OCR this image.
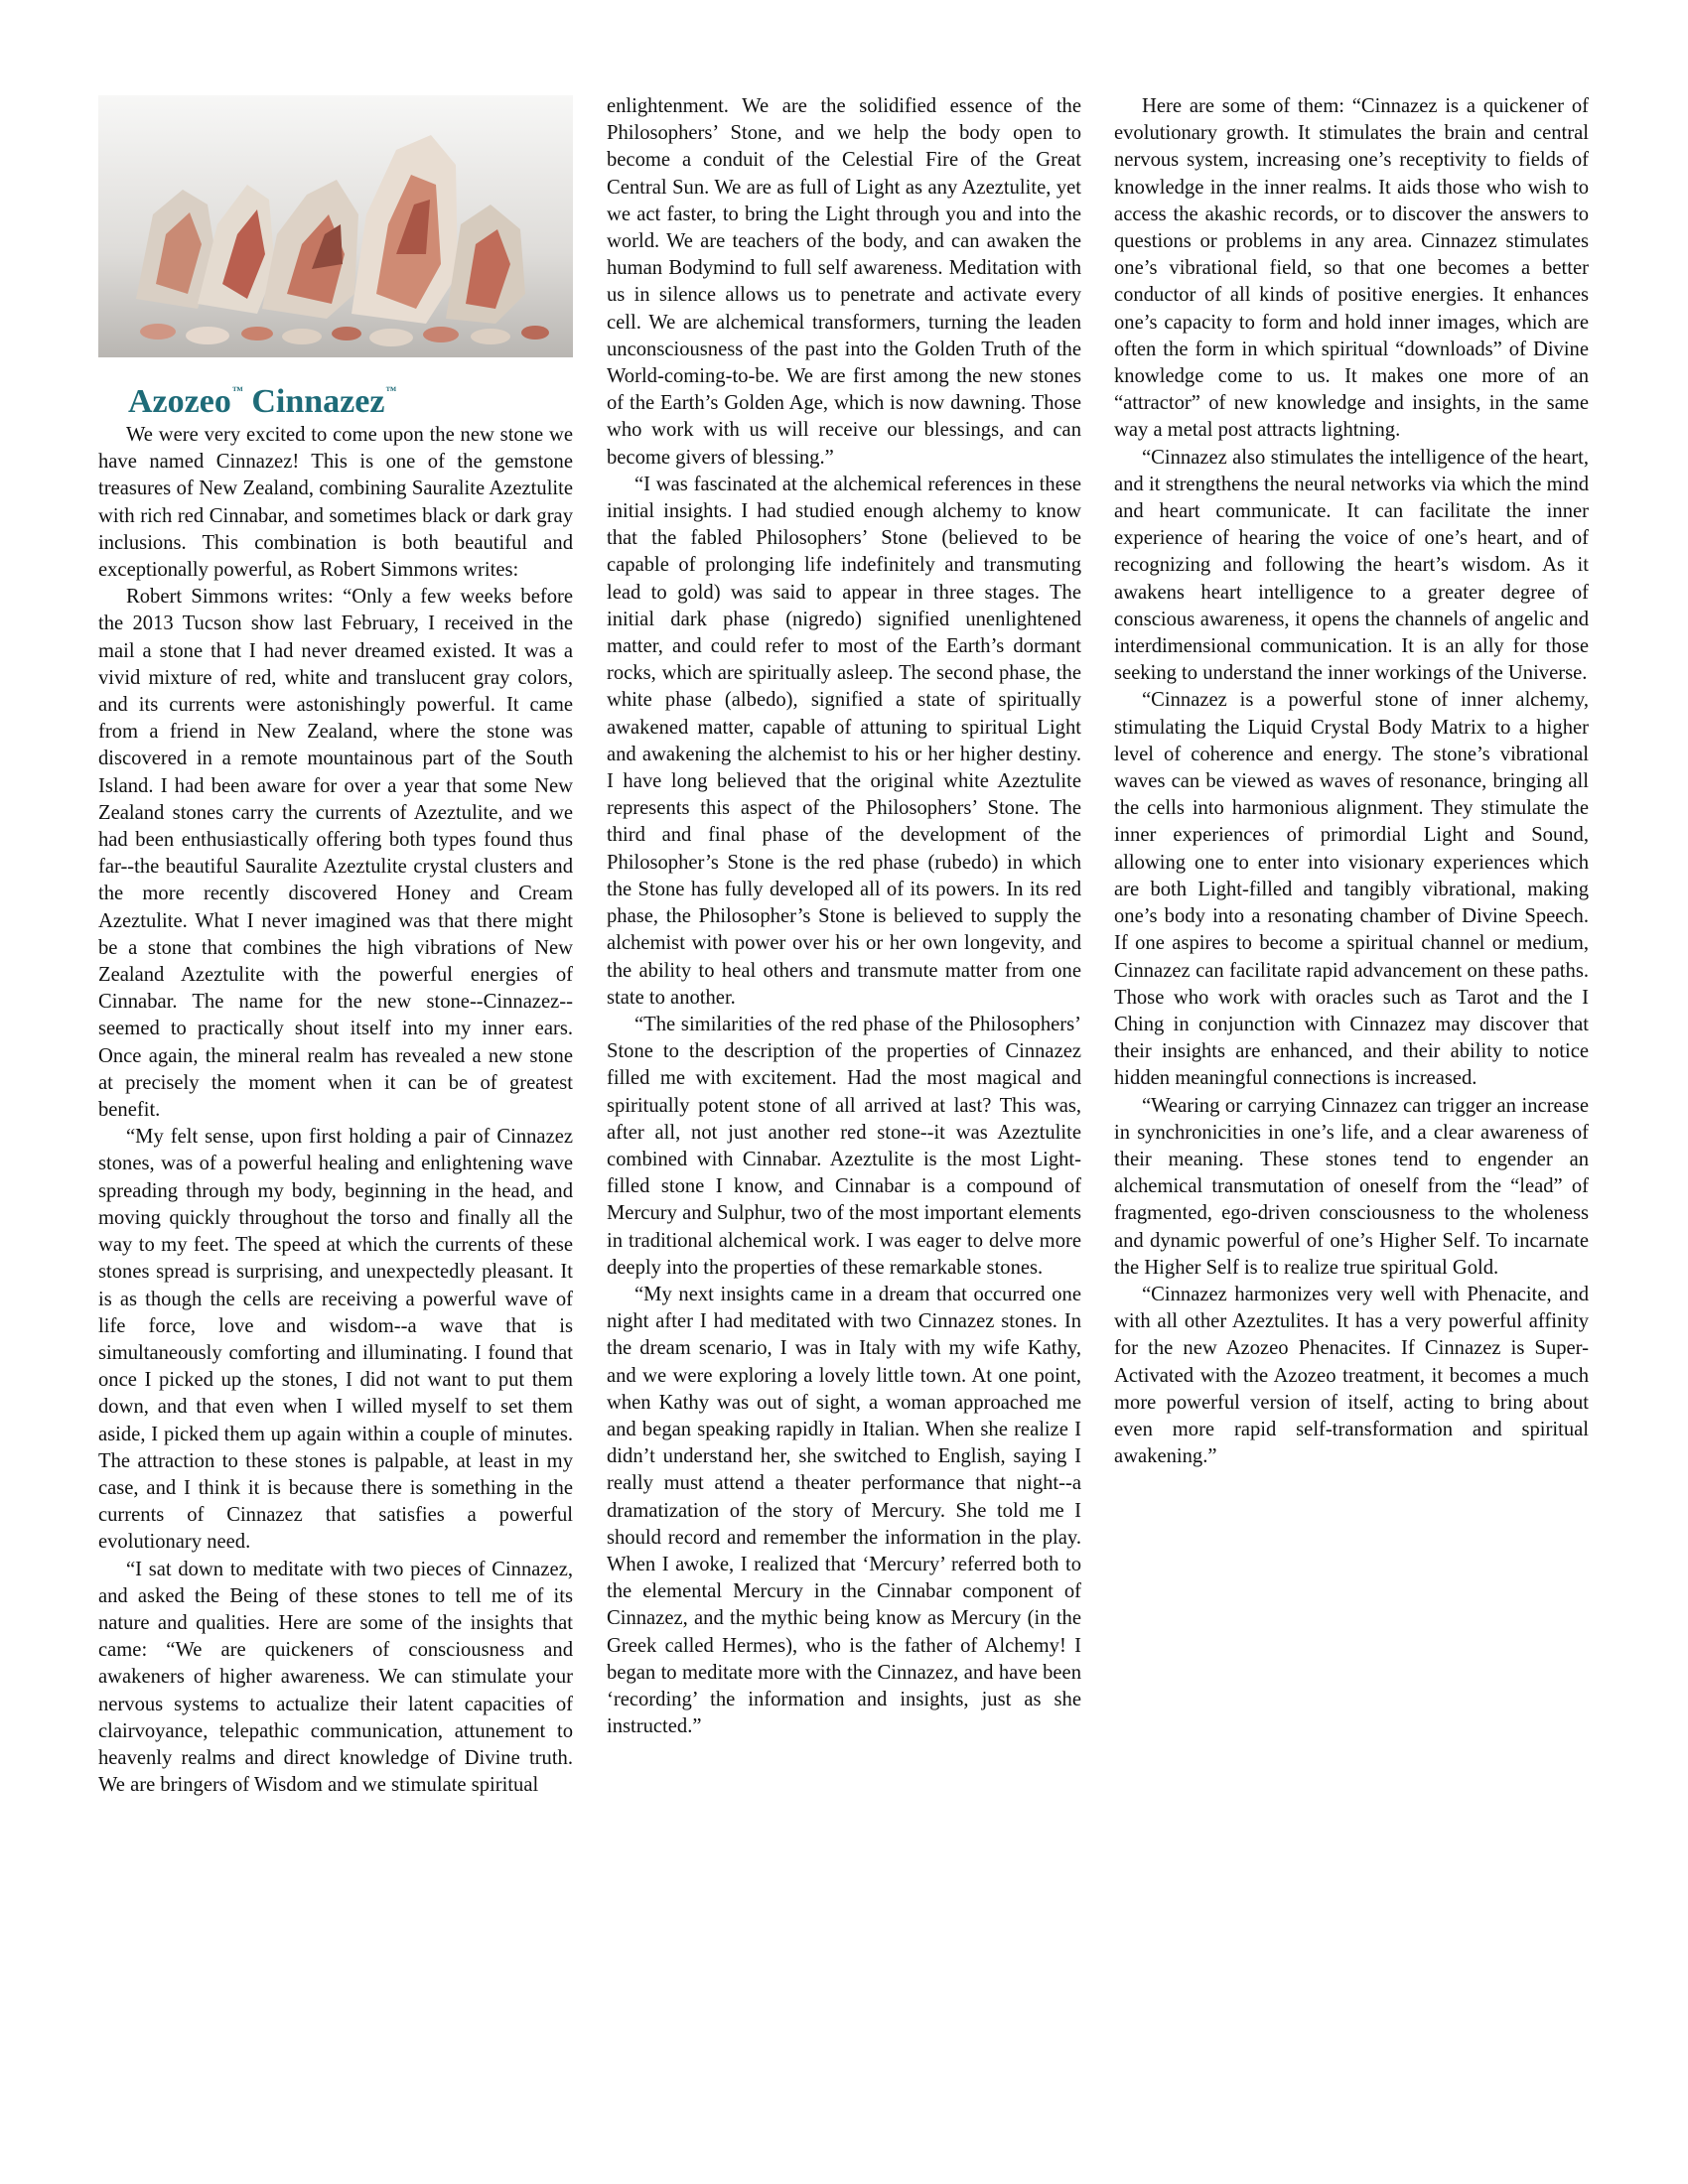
Azozeo™ Cinnazez™

We were very excited to come upon the new stone we have named Cinnazez! This is one of the gemstone treasures of New Zealand, combining Sauralite Azeztulite with rich red Cinnabar, and sometimes black or dark gray inclusions. This combination is both beautiful and exceptionally powerful, as Robert Simmons writes:

Robert Simmons writes: “Only a few weeks before the 2013 Tucson show last February, I received in the mail a stone that I had never dreamed existed. It was a vivid mixture of red, white and translucent gray colors, and its currents were astonishingly powerful. It came from a friend in New Zealand, where the stone was discovered in a remote mountainous part of the South Island. I had been aware for over a year that some New Zealand stones carry the currents of Azeztulite, and we had been enthusiastically offering both types found thus far--the beautiful Sauralite Azeztulite crystal clusters and the more recently discovered Honey and Cream Azeztulite. What I never imagined was that there might be a stone that combines the high vibrations of New Zealand Azeztulite with the powerful energies of Cinnabar. The name for the new stone--Cinnazez--seemed to practically shout itself into my inner ears. Once again, the mineral realm has revealed a new stone at precisely the moment when it can be of greatest benefit.

“My felt sense, upon first holding a pair of Cinnazez stones, was of a powerful healing and enlightening wave spreading through my body, beginning in the head, and moving quickly throughout the torso and finally all the way to my feet. The speed at which the currents of these stones spread is surprising, and unexpectedly pleasant. It is as though the cells are receiving a powerful wave of life force, love and wisdom--a wave that is simultaneously comforting and illuminating. I found that once I picked up the stones, I did not want to put them down, and that even when I willed myself to set them aside, I picked them up again within a couple of minutes. The attraction to these stones is palpable, at least in my case, and I think it is because there is something in the currents of Cinnazez that satisfies a powerful evolutionary need.

“I sat down to meditate with two pieces of Cinnazez, and asked the Being of these stones to tell me of its nature and qualities. Here are some of the insights that came: “We are quickeners of consciousness and awakeners of higher awareness. We can stimulate your nervous systems to actualize their latent capacities of clairvoyance, telepathic communication, attunement to heavenly realms and direct knowledge of Divine truth. We are bringers of Wisdom and we stimulate spiritual

enlightenment. We are the solidified essence of the Philosophers’ Stone, and we help the body open to become a conduit of the Celestial Fire of the Great Central Sun. We are as full of Light as any Azeztulite, yet we act faster, to bring the Light through you and into the world. We are teachers of the body, and can awaken the human Bodymind to full self awareness. Meditation with us in silence allows us to penetrate and activate every cell. We are alchemical transformers, turning the leaden unconsciousness of the past into the Golden Truth of the World-coming-to-be. We are first among the new stones of the Earth’s Golden Age, which is now dawning. Those who work with us will receive our blessings, and can become givers of blessing.”

“I was fascinated at the alchemical references in these initial insights. I had studied enough alchemy to know that the fabled Philosophers’ Stone (believed to be capable of prolonging life indefinitely and transmuting lead to gold) was said to appear in three stages. The initial dark phase (nigredo) signified unenlightened matter, and could refer to most of the Earth’s dormant rocks, which are spiritually asleep. The second phase, the white phase (albedo), signified a state of spiritually awakened matter, capable of attuning to spiritual Light and awakening the alchemist to his or her higher destiny. I have long believed that the original white Azeztulite represents this aspect of the Philosophers’ Stone. The third and final phase of the development of the Philosopher’s Stone is the red phase (rubedo) in which the Stone has fully developed all of its powers. In its red phase, the Philosopher’s Stone is believed to supply the alchemist with power over his or her own longevity, and the ability to heal others and transmute matter from one state to another.

“The similarities of the red phase of the Philosophers’ Stone to the description of the properties of Cinnazez filled me with excitement. Had the most magical and spiritually potent stone of all arrived at last? This was, after all, not just another red stone--it was Azeztulite combined with Cinnabar. Azeztulite is the most Light-filled stone I know, and Cinnabar is a compound of Mercury and Sulphur, two of the most important elements in traditional alchemical work. I was eager to delve more deeply into the properties of these remarkable stones.

“My next insights came in a dream that occurred one night after I had meditated with two Cinnazez stones. In the dream scenario, I was in Italy with my wife Kathy, and we were exploring a lovely little town. At one point, when Kathy was out of sight, a woman approached me and began speaking rapidly in Italian. When she realize I didn’t understand her, she switched to English, saying I really must attend a theater performance that night--a dramatization of the story of Mercury. She told me I should record and remember the information in the play. When I awoke, I realized that ‘Mercury’ referred both to the elemental Mercury in the Cinnabar component of Cinnazez, and the mythic being know as Mercury (in the Greek called Hermes), who is the father of Alchemy! I began to meditate more with the Cinnazez, and have been ‘recording’ the information and insights, just as she instructed.”

Here are some of them: “Cinnazez is a quickener of evolutionary growth. It stimulates the brain and central nervous system, increasing one’s receptivity to fields of knowledge in the inner realms. It aids those who wish to access the akashic records, or to discover the answers to questions or problems in any area. Cinnazez stimulates one’s vibrational field, so that one becomes a better conductor of all kinds of positive energies. It enhances one’s capacity to form and hold inner images, which are often the form in which spiritual “downloads” of Divine knowledge come to us. It makes one more of an “attractor” of new knowledge and insights, in the same way a metal post attracts lightning.

“Cinnazez also stimulates the intelligence of the heart, and it strengthens the neural networks via which the mind and heart communicate. It can facilitate the inner experience of hearing the voice of one’s heart, and of recognizing and following the heart’s wisdom. As it awakens heart intelligence to a greater degree of conscious awareness, it opens the channels of angelic and interdimensional communication. It is an ally for those seeking to understand the inner workings of the Universe.

“Cinnazez is a powerful stone of inner alchemy, stimulating the Liquid Crystal Body Matrix to a higher level of coherence and energy. The stone’s vibrational waves can be viewed as waves of resonance, bringing all the cells into harmonious alignment. They stimulate the inner experiences of primordial Light and Sound, allowing one to enter into visionary experiences which are both Light-filled and tangibly vibrational, making one’s body into a resonating chamber of Divine Speech. If one aspires to become a spiritual channel or medium, Cinnazez can facilitate rapid advancement on these paths. Those who work with oracles such as Tarot and the I Ching in conjunction with Cinnazez may discover that their insights are enhanced, and their ability to notice hidden meaningful connections is increased.

“Wearing or carrying Cinnazez can trigger an increase in synchronicities in one’s life, and a clear awareness of their meaning. These stones tend to engender an alchemical transmutation of oneself from the “lead” of fragmented, ego-driven consciousness to the wholeness and dynamic powerful of one’s Higher Self. To incarnate the Higher Self is to realize true spiritual Gold.

“Cinnazez harmonizes very well with Phenacite, and with all other Azeztulites. It has a very powerful affinity for the new Azozeo Phenacites. If Cinnazez is Super-Activated with the Azozeo treatment, it becomes a much more powerful version of itself, acting to bring about even more rapid self-transformation and spiritual awakening.”
